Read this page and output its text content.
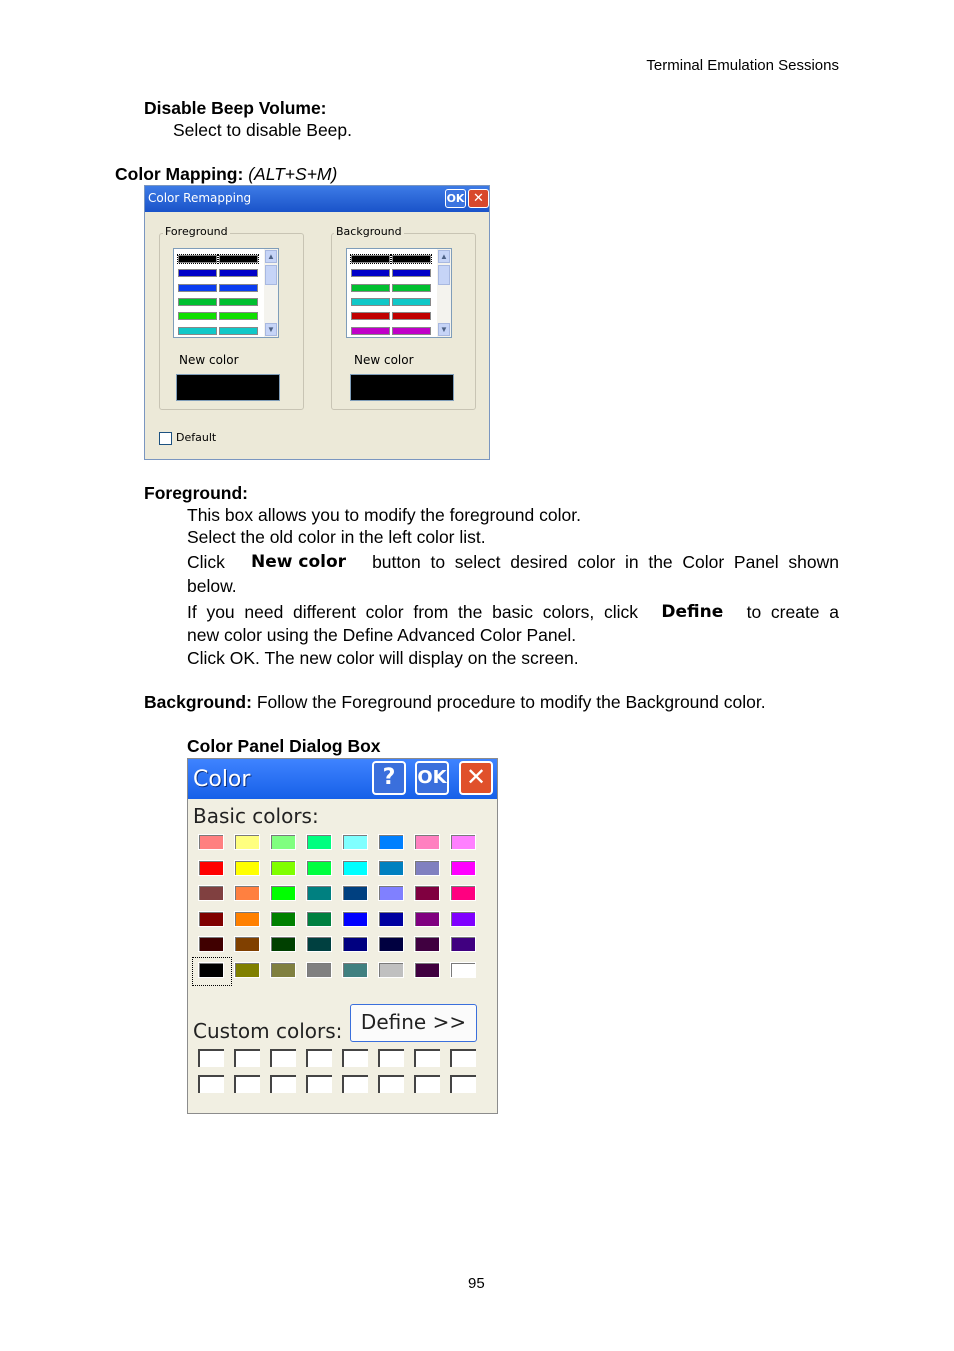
Terminal Emulation Sessions
Disable Beep Volume:
Select to disable Beep.
Color Mapping: (ALT+S+M)
Color Remapping	OK ✕
Foreground
▲
▼
New color
Background
▲
▼
New color
Default
Foreground:
This box allows you to modify the foreground color.
Select the old color in the left color list.
Click New color button  to  select  desired  color  in  the  Color  Panel  shown
below.
If  you  need  different  color  from  the  basic  colors,  click Define to  create  a
new color using the Define Advanced Color Panel.
Click OK. The new color will display on the screen.
Background: Follow the Foreground procedure to modify the Background color.
Color Panel Dialog Box
Color	?	OK ✕
Basic colors:
Custom colors: Define >>
95
